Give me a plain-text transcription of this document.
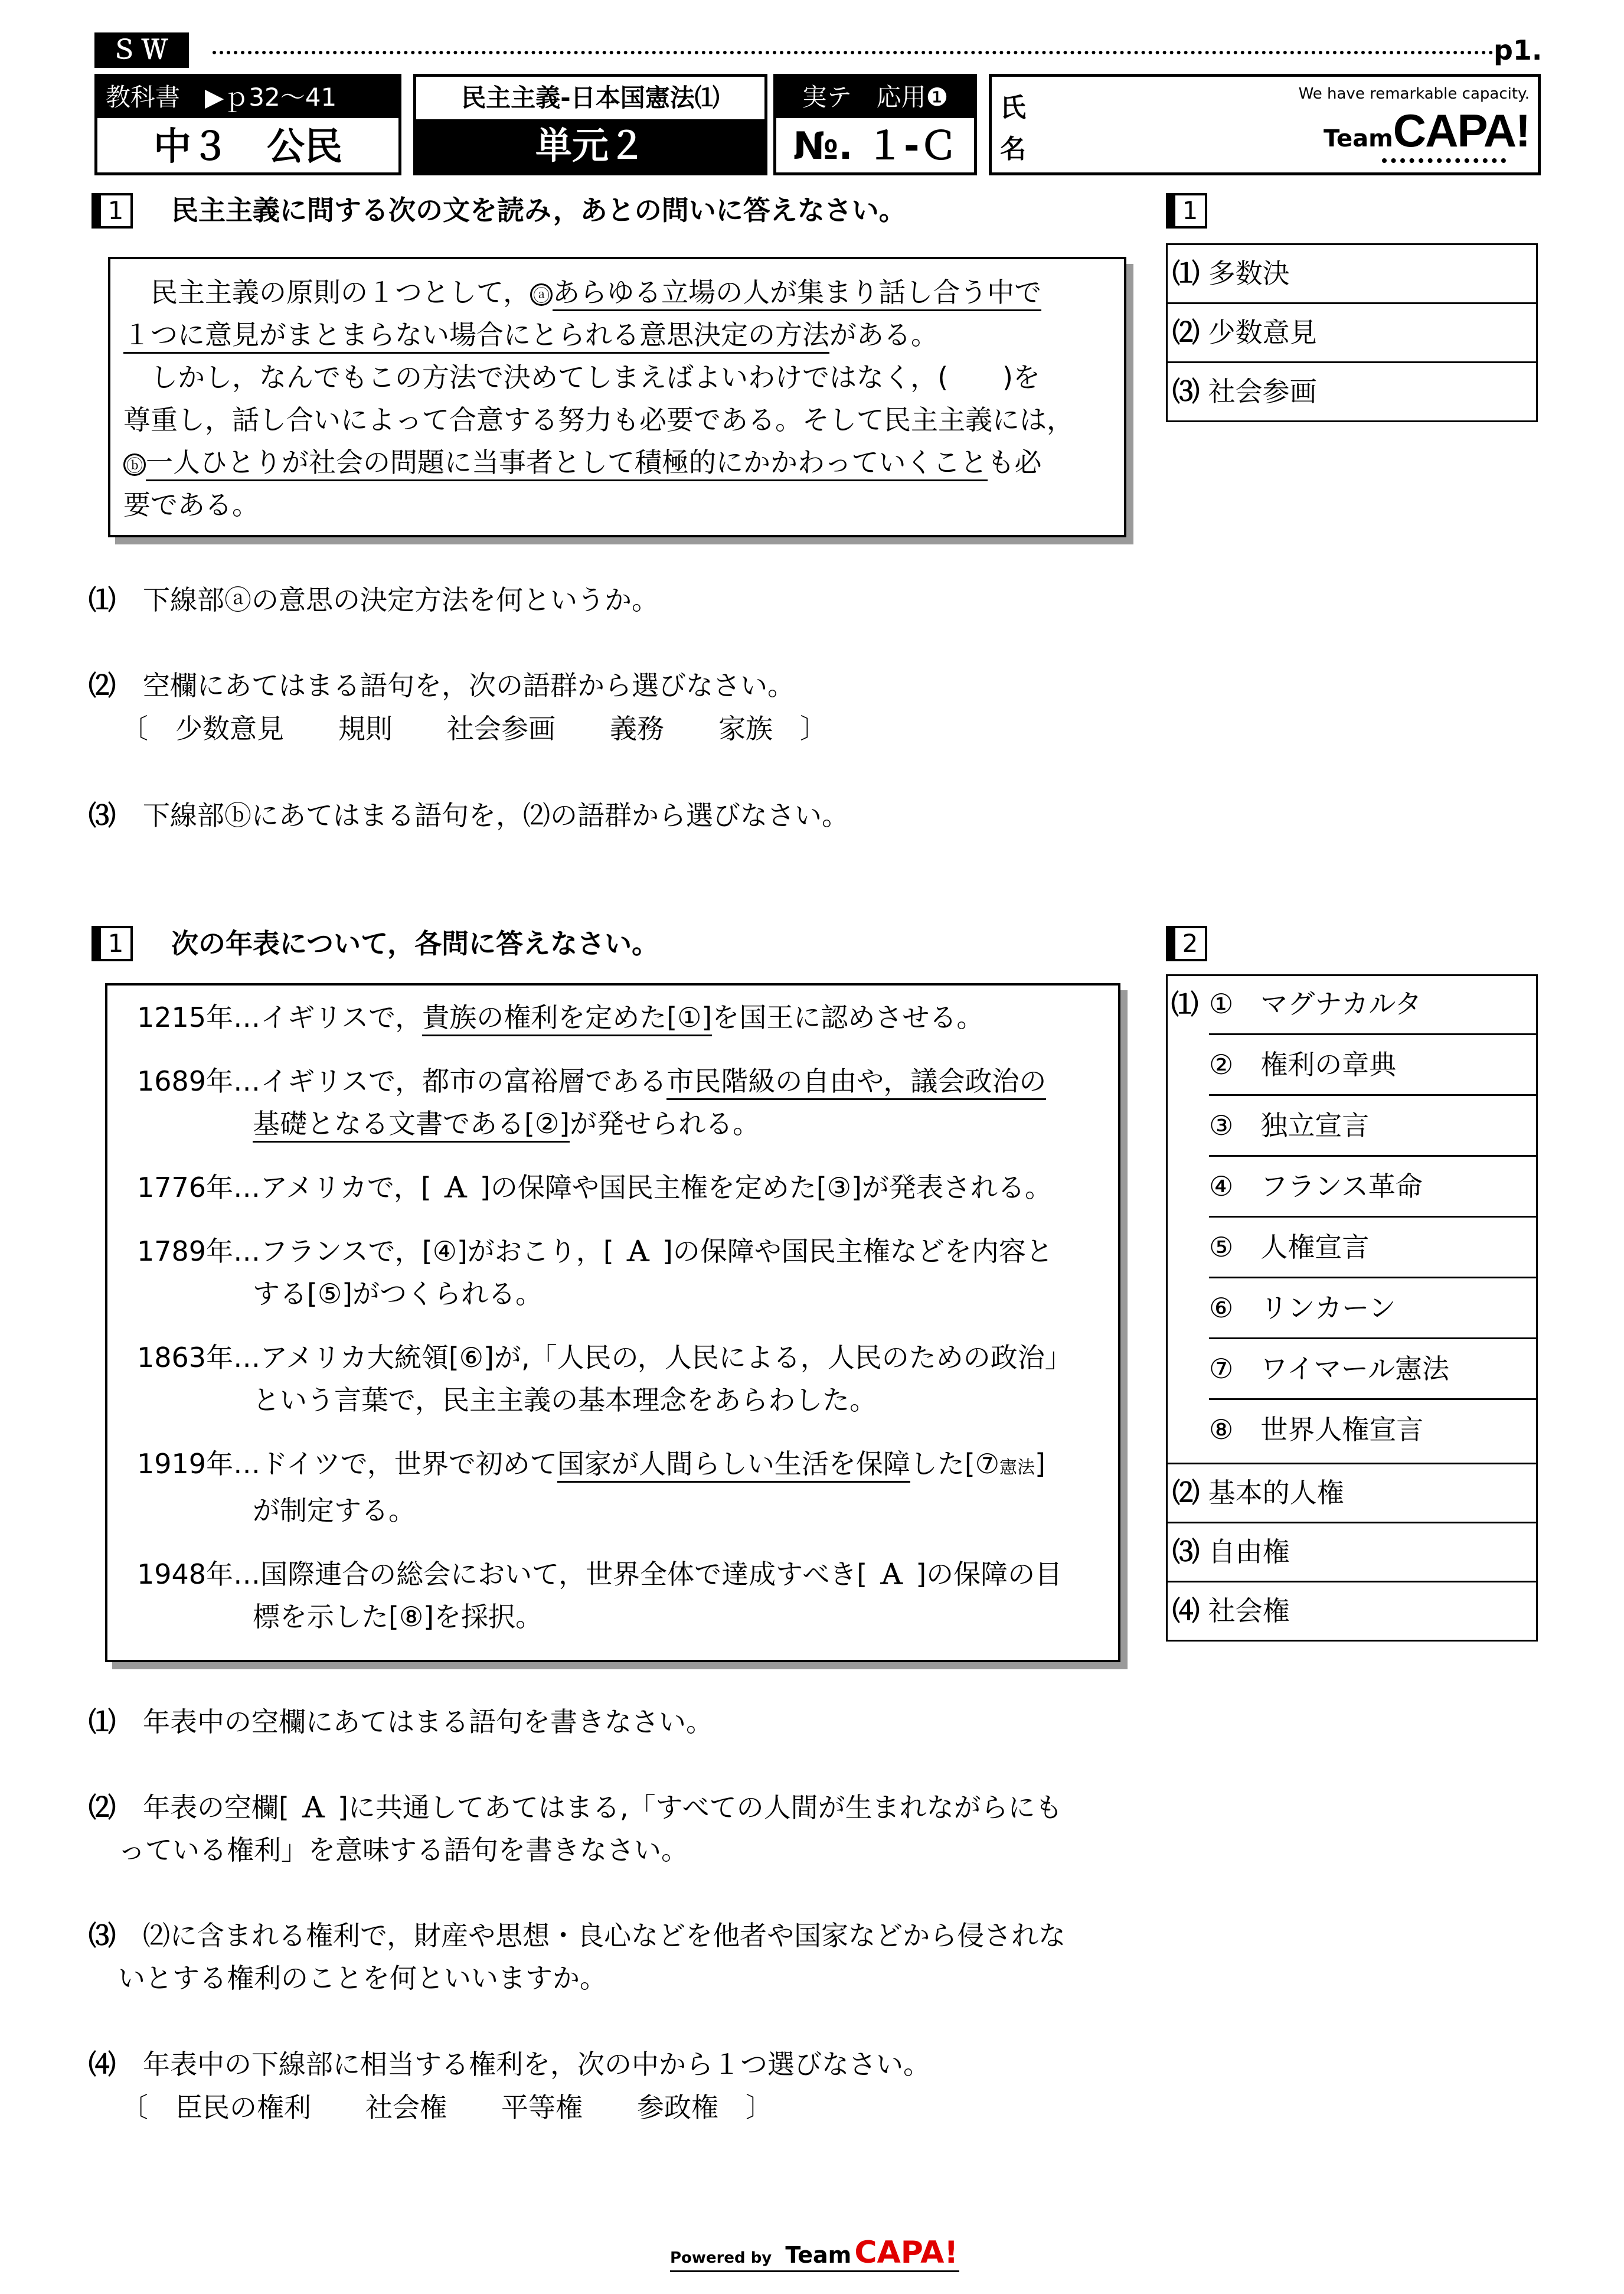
ＳＷ	p1.
教科書　▶ｐ32〜41
中３　公民
民主主義-日本国憲法⑴
単元２
実テ　応用❶
№. １-Ｃ
氏
名
We have remarkable capacity.
TeamCAPA!
1	民主主義に問する次の文を読み，あとの問いに答えなさい。
民主主義の原則の１つとして， ⓐ あらゆる立場の人が集まり話し合う中で
１つに意見がまとまらない場合にとられる意思決定の方法がある。
しかし，なんでもこの方法で決めてしまえばよいわけではなく，(　　)を
尊重し，話し合いによって合意する努力も必要である。そして民主主義には，
ⓑ 一人ひとりが社会の問題に当事者として積極的にかかわっていくことも必
要である。
⑴　 下線部ⓐの意思の決定方法を何というか。
⑵　 空欄にあてはまる語句を，次の語群から選びなさい。
〔　少数意見　　規則　　社会参画　　義務　　家族　〕
⑶　 下線部ⓑにあてはまる語句を，⑵の語群から選びなさい。
1
⑴ 多数決
⑵ 少数意見
⑶ 社会参画
1	次の年表について，各問に答えなさい。
1215年…イギリスで，貴族の権利を定めた[①]を国王に認めさせる。
1689年…イギリスで，都市の富裕層である市民階級の自由や，議会政治の
基礎となる文書である[②]が発せられる。
1776年…アメリカで，[ Ａ ]の保障や国民主権を定めた[③]が発表される。
1789年…フランスで，[④]がおこり，[ Ａ ]の保障や国民主権などを内容と
する[⑤]がつくられる。
1863年…アメリカ大統領[⑥]が,「人民の，人民による，人民のための政治」
という言葉で，民主主義の基本理念をあらわした。
1919年…ドイツで，世界で初めて国家が人間らしい生活を保障した[⑦憲法]
が制定する。
1948年…国際連合の総会において，世界全体で達成すべき[ Ａ ]の保障の目
標を示した[⑧]を採択。
⑴　 年表中の空欄にあてはまる語句を書きなさい。
⑵　 年表の空欄[ Ａ ]に共通してあてはまる,「すべての人間が生まれながらにも
っている権利」を意味する語句を書きなさい。
⑶　 ⑵に含まれる権利で，財産や思想・良心などを他者や国家などから侵されな
いとする権利のことを何といいますか。
⑷　 年表中の下線部に相当する権利を，次の中から１つ選びなさい。
〔　臣民の権利　　社会権　　平等権　　参政権　〕
2
⑴ ①　 マグナカルタ
②　 権利の章典
③　 独立宣言
④　 フランス革命
⑤　 人権宣言
⑥　 リンカーン
⑦　 ワイマール憲法
⑧　 世界人権宣言
⑵ 基本的人権
⑶ 自由権
⑷ 社会権
Powered by Team CAPA!
